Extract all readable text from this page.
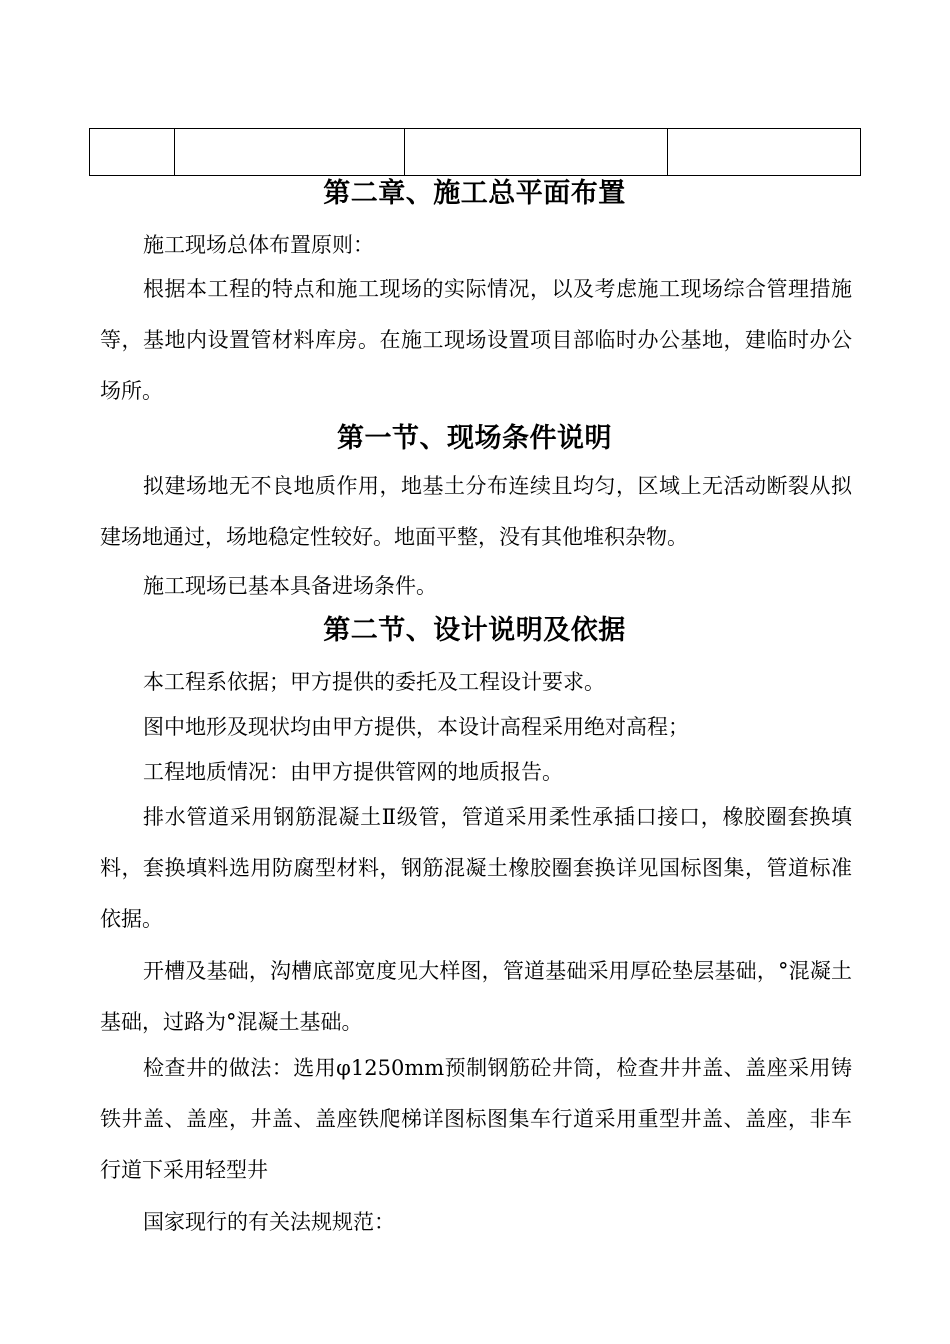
第二章、施工总平面布置

施工现场总体布置原则：

根据本工程的特点和施工现场的实际情况，以及考虑施工现场综合管理措施等，基地内设置管材料库房。在施工现场设置项目部临时办公基地，建临时办公场所。

第一节、现场条件说明

拟建场地无不良地质作用，地基土分布连续且均匀，区域上无活动断裂从拟建场地通过，场地稳定性较好。地面平整，没有其他堆积杂物。

施工现场已基本具备进场条件。

第二节、设计说明及依据

本工程系依据；甲方提供的委托及工程设计要求。

图中地形及现状均由甲方提供，本设计高程采用绝对高程；

工程地质情况：由甲方提供管网的地质报告。

排水管道采用钢筋混凝土Ⅱ级管，管道采用柔性承插口接口，橡胶圈套换填料，套换填料选用防腐型材料，钢筋混凝土橡胶圈套换详见国标图集，管道标准依据。

开槽及基础，沟槽底部宽度见大样图，管道基础采用厚砼垫层基础，°混凝土基础，过路为°混凝土基础。

检查井的做法：选用φ1250mm预制钢筋砼井筒，检查井井盖、盖座采用铸铁井盖、盖座，井盖、盖座铁爬梯详图标图集车行道采用重型井盖、盖座，非车行道下采用轻型井

国家现行的有关法规规范：
